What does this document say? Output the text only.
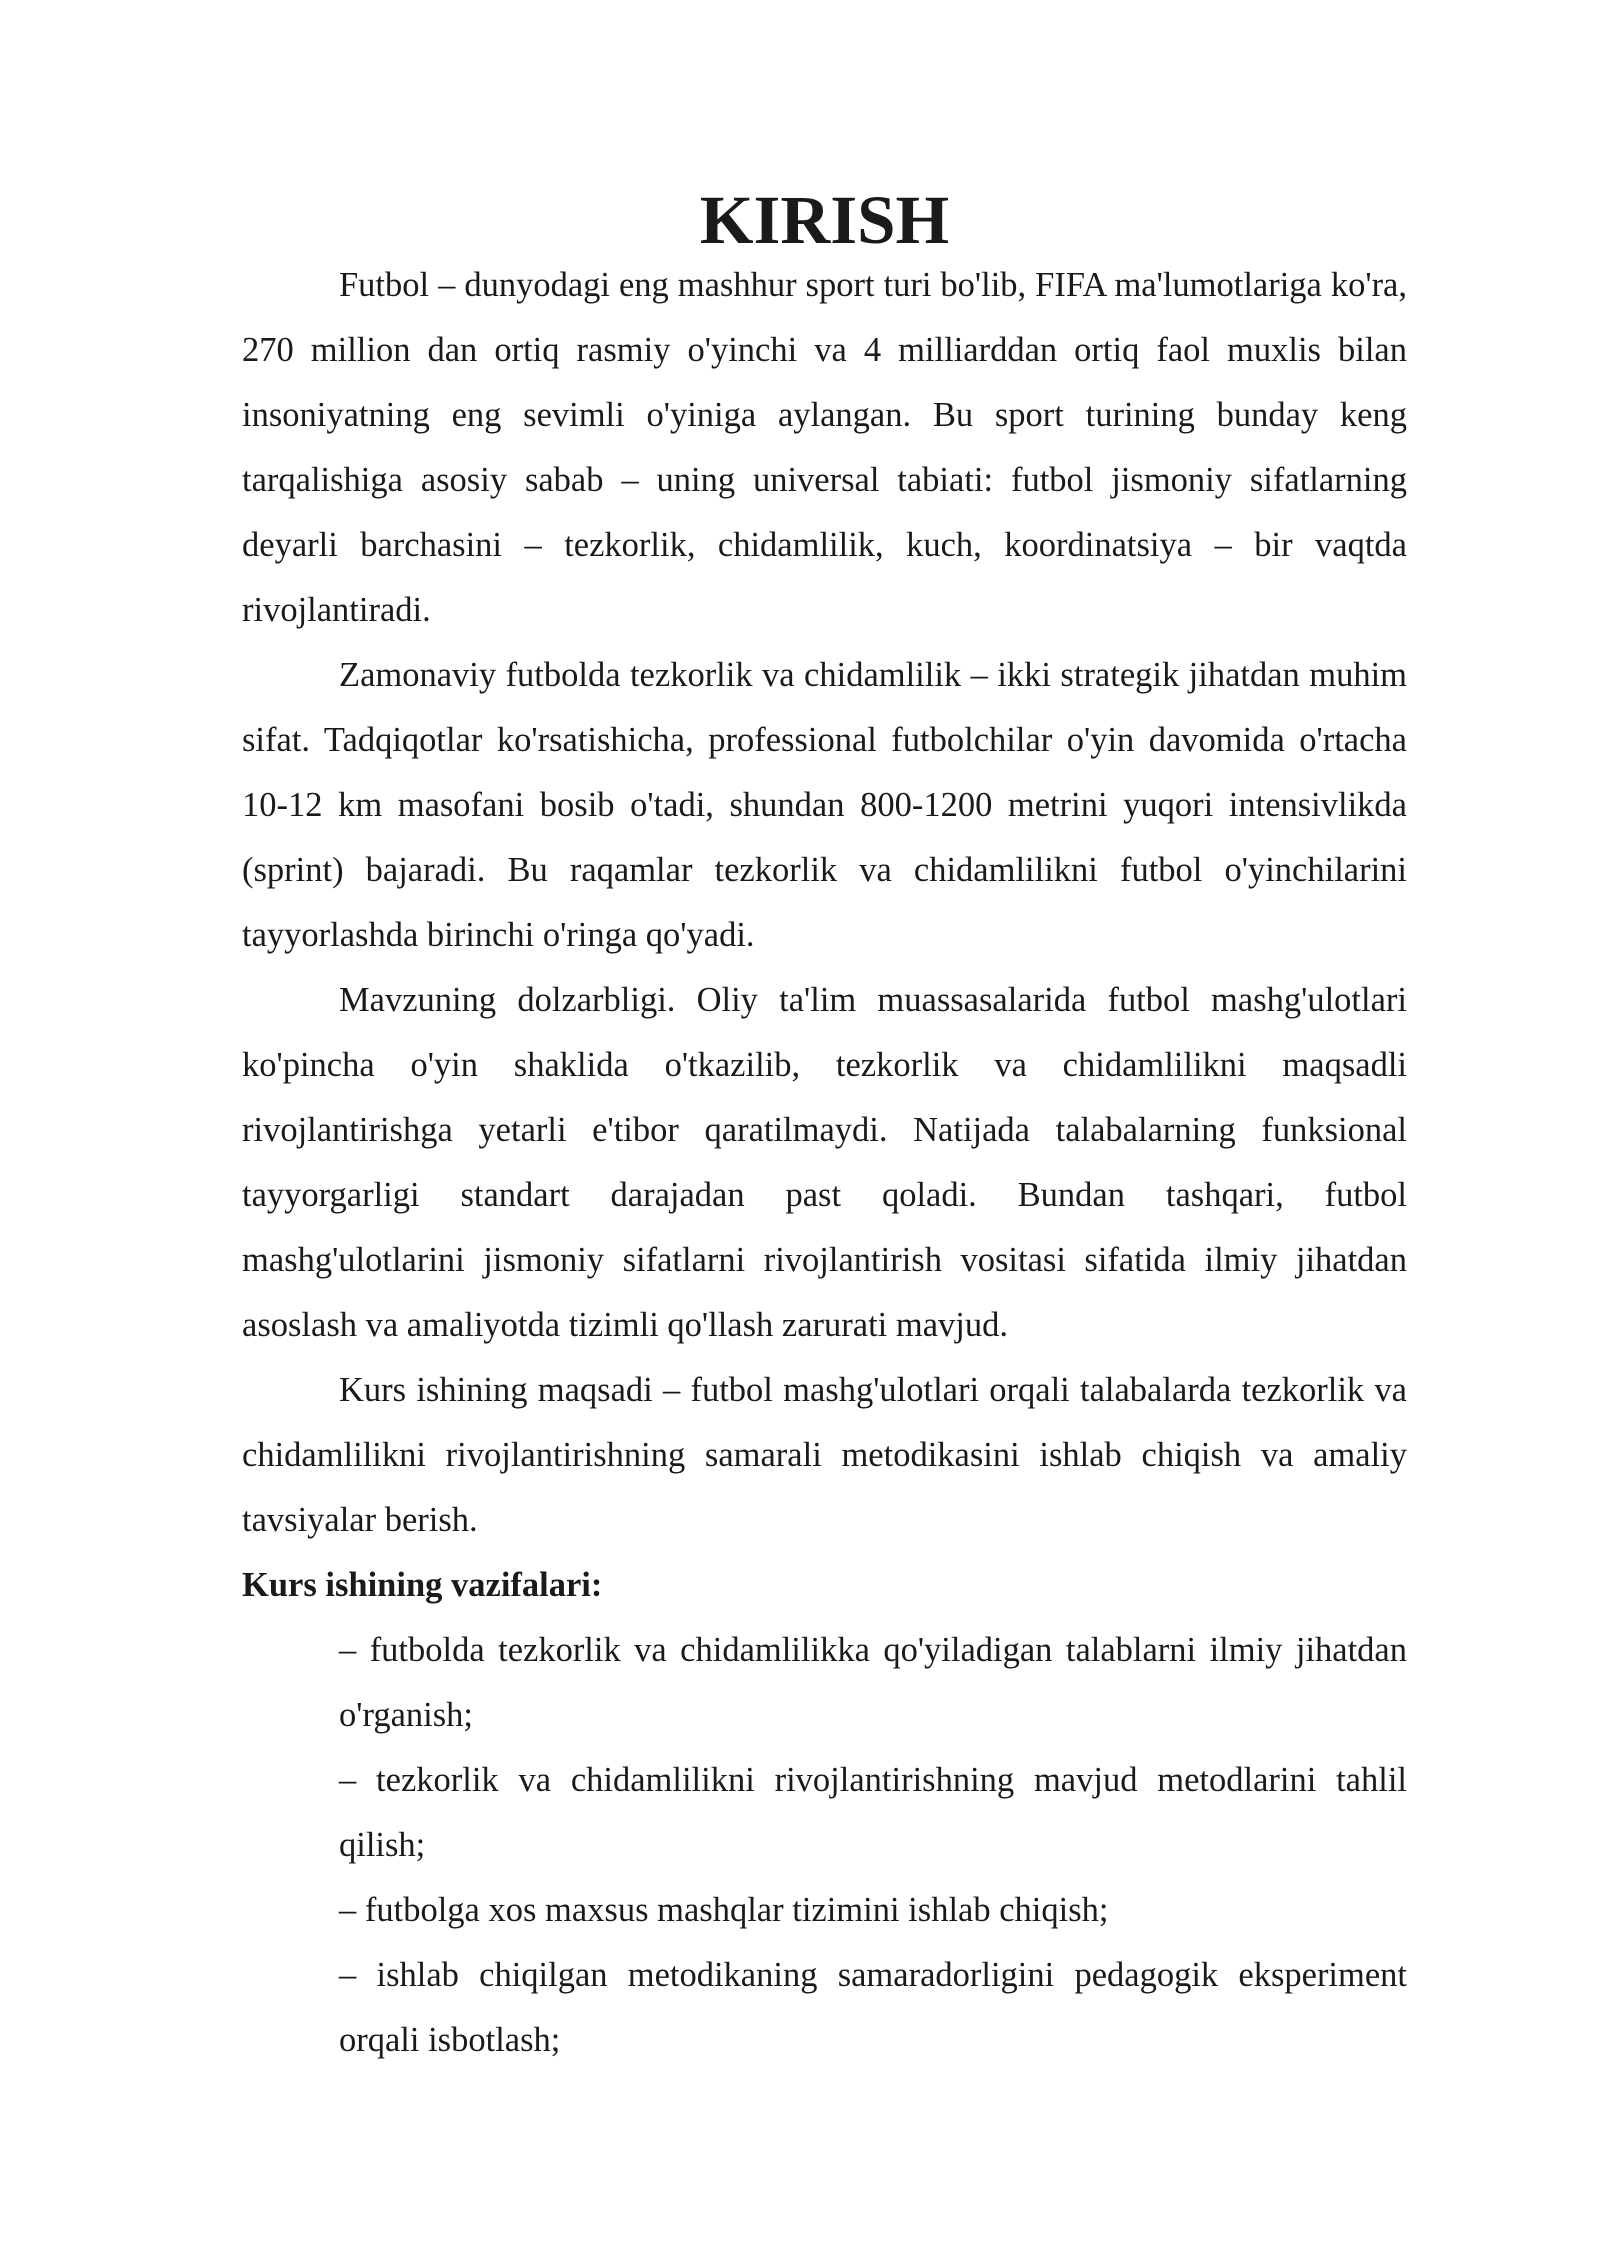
KIRISH

Futbol – dunyodagi eng mashhur sport turi bo'lib, FIFA ma'lumotlariga ko'ra, 270 million dan ortiq rasmiy o'yinchi va 4 milliarddan ortiq faol muxlis bilan insoniyatning eng sevimli o'yiniga aylangan. Bu sport turining bunday keng tarqalishiga asosiy sabab – uning universal tabiati: futbol jismoniy sifatlarning deyarli barchasini – tezkorlik, chidamlilik, kuch, koordinatsiya – bir vaqtda rivojlantiradi.

Zamonaviy futbolda tezkorlik va chidamlilik – ikki strategik jihatdan muhim sifat. Tadqiqotlar ko'rsatishicha, professional futbolchilar o'yin davomida o'rtacha 10-12 km masofani bosib o'tadi, shundan 800-1200 metrini yuqori intensivlikda (sprint) bajaradi. Bu raqamlar tezkorlik va chidamlilikni futbol o'yinchilarini tayyorlashda birinchi o'ringa qo'yadi.

Mavzuning dolzarbligi. Oliy ta'lim muassasalarida futbol mashg'ulotlari ko'pincha o'yin shaklida o'tkazilib, tezkorlik va chidamlilikni maqsadli rivojlantirishga yetarli e'tibor qaratilmaydi. Natijada talabalarning funksional tayyorgarligi standart darajadan past qoladi. Bundan tashqari, futbol mashg'ulotlarini jismoniy sifatlarni rivojlantirish vositasi sifatida ilmiy jihatdan asoslash va amaliyotda tizimli qo'llash zarurati mavjud.

Kurs ishining maqsadi – futbol mashg'ulotlari orqali talabalarda tezkorlik va chidamlilikni rivojlantirishning samarali metodikasini ishlab chiqish va amaliy tavsiyalar berish.

Kurs ishining vazifalari:

– futbolda tezkorlik va chidamlilikka qo'yiladigan talablarni ilmiy jihatdan o'rganish;
– tezkorlik va chidamlilikni rivojlantirishning mavjud metodlarini tahlil qilish;
– futbolga xos maxsus mashqlar tizimini ishlab chiqish;
– ishlab chiqilgan metodikaning samaradorligini pedagogik eksperiment orqali isbotlash;
